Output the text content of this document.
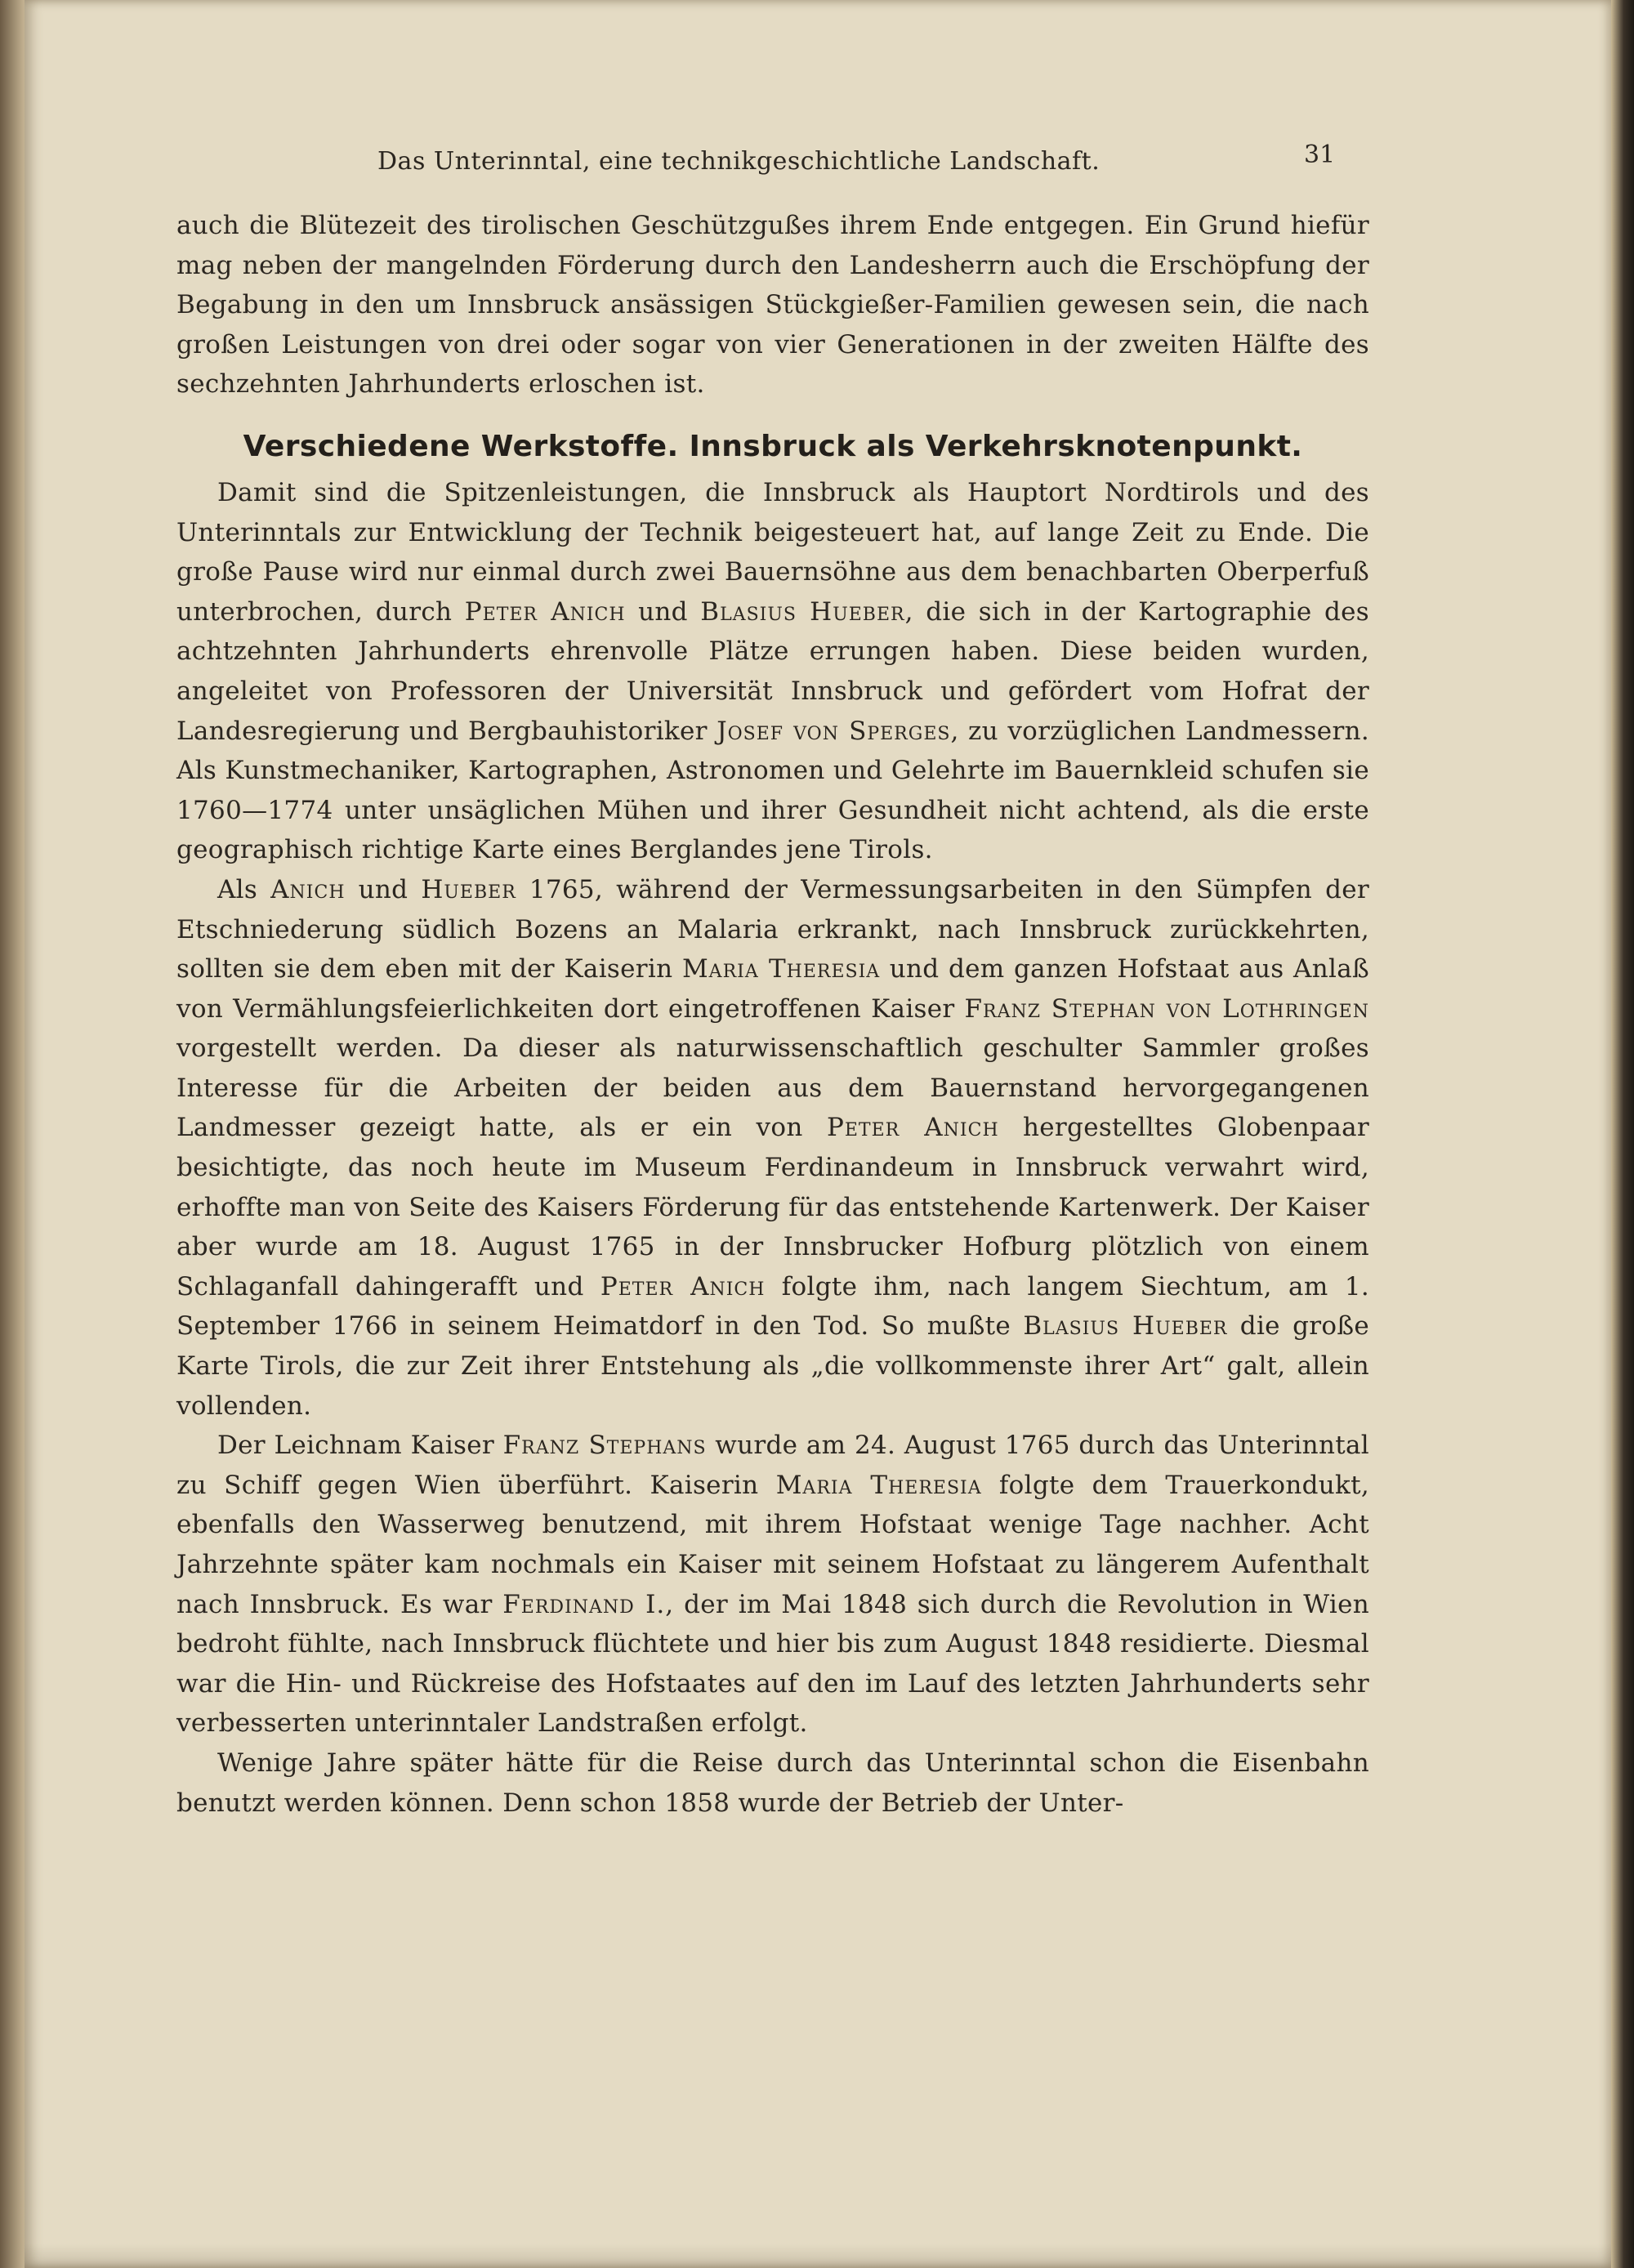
Das Unterinntal, eine technikgeschichtliche Landschaft.	31

auch die Blütezeit des tirolischen Geschützgußes ihrem Ende entgegen. Ein Grund hiefür mag neben der mangelnden Förderung durch den Landesherrn auch die Erschöpfung der Begabung in den um Innsbruck ansässigen Stückgießer-Familien gewesen sein, die nach großen Leistungen von drei oder sogar von vier Generationen in der zweiten Hälfte des sechzehnten Jahrhunderts erloschen ist.

Verschiedene Werkstoffe. Innsbruck als Verkehrsknotenpunkt.

Damit sind die Spitzenleistungen, die Innsbruck als Hauptort Nordtirols und des Unterinntals zur Entwicklung der Technik beigesteuert hat, auf lange Zeit zu Ende. Die große Pause wird nur einmal durch zwei Bauernsöhne aus dem benachbarten Oberperfuß unterbrochen, durch Peter Anich und Blasius Hueber, die sich in der Kartographie des achtzehnten Jahrhunderts ehrenvolle Plätze errungen haben. Diese beiden wurden, angeleitet von Professoren der Universität Innsbruck und gefördert vom Hofrat der Landesregierung und Bergbauhistoriker Josef von Sperges, zu vorzüglichen Landmessern. Als Kunstmechaniker, Kartographen, Astronomen und Gelehrte im Bauernkleid schufen sie 1760—1774 unter unsäglichen Mühen und ihrer Gesundheit nicht achtend, als die erste geographisch richtige Karte eines Berglandes jene Tirols.

Als Anich und Hueber 1765, während der Vermessungsarbeiten in den Sümpfen der Etschniederung südlich Bozens an Malaria erkrankt, nach Innsbruck zurückkehrten, sollten sie dem eben mit der Kaiserin Maria Theresia und dem ganzen Hofstaat aus Anlaß von Vermählungsfeierlichkeiten dort eingetroffenen Kaiser Franz Stephan von Lothringen vorgestellt werden. Da dieser als naturwissenschaftlich geschulter Sammler großes Interesse für die Arbeiten der beiden aus dem Bauernstand hervorgegangenen Landmesser gezeigt hatte, als er ein von Peter Anich hergestelltes Globenpaar besichtigte, das noch heute im Museum Ferdinandeum in Innsbruck verwahrt wird, erhoffte man von Seite des Kaisers Förderung für das entstehende Kartenwerk. Der Kaiser aber wurde am 18. August 1765 in der Innsbrucker Hofburg plötzlich von einem Schlaganfall dahingerafft und Peter Anich folgte ihm, nach langem Siechtum, am 1. September 1766 in seinem Heimatdorf in den Tod. So mußte Blasius Hueber die große Karte Tirols, die zur Zeit ihrer Entstehung als „die vollkommenste ihrer Art“ galt, allein vollenden.

Der Leichnam Kaiser Franz Stephans wurde am 24. August 1765 durch das Unterinntal zu Schiff gegen Wien überführt. Kaiserin Maria Theresia folgte dem Trauerkondukt, ebenfalls den Wasserweg benutzend, mit ihrem Hofstaat wenige Tage nachher. Acht Jahrzehnte später kam nochmals ein Kaiser mit seinem Hofstaat zu längerem Aufenthalt nach Innsbruck. Es war Ferdinand I., der im Mai 1848 sich durch die Revolution in Wien bedroht fühlte, nach Innsbruck flüchtete und hier bis zum August 1848 residierte. Diesmal war die Hin- und Rückreise des Hofstaates auf den im Lauf des letzten Jahrhunderts sehr verbesserten unterinntaler Landstraßen erfolgt.

Wenige Jahre später hätte für die Reise durch das Unterinntal schon die Eisenbahn benutzt werden können. Denn schon 1858 wurde der Betrieb der Unter-
